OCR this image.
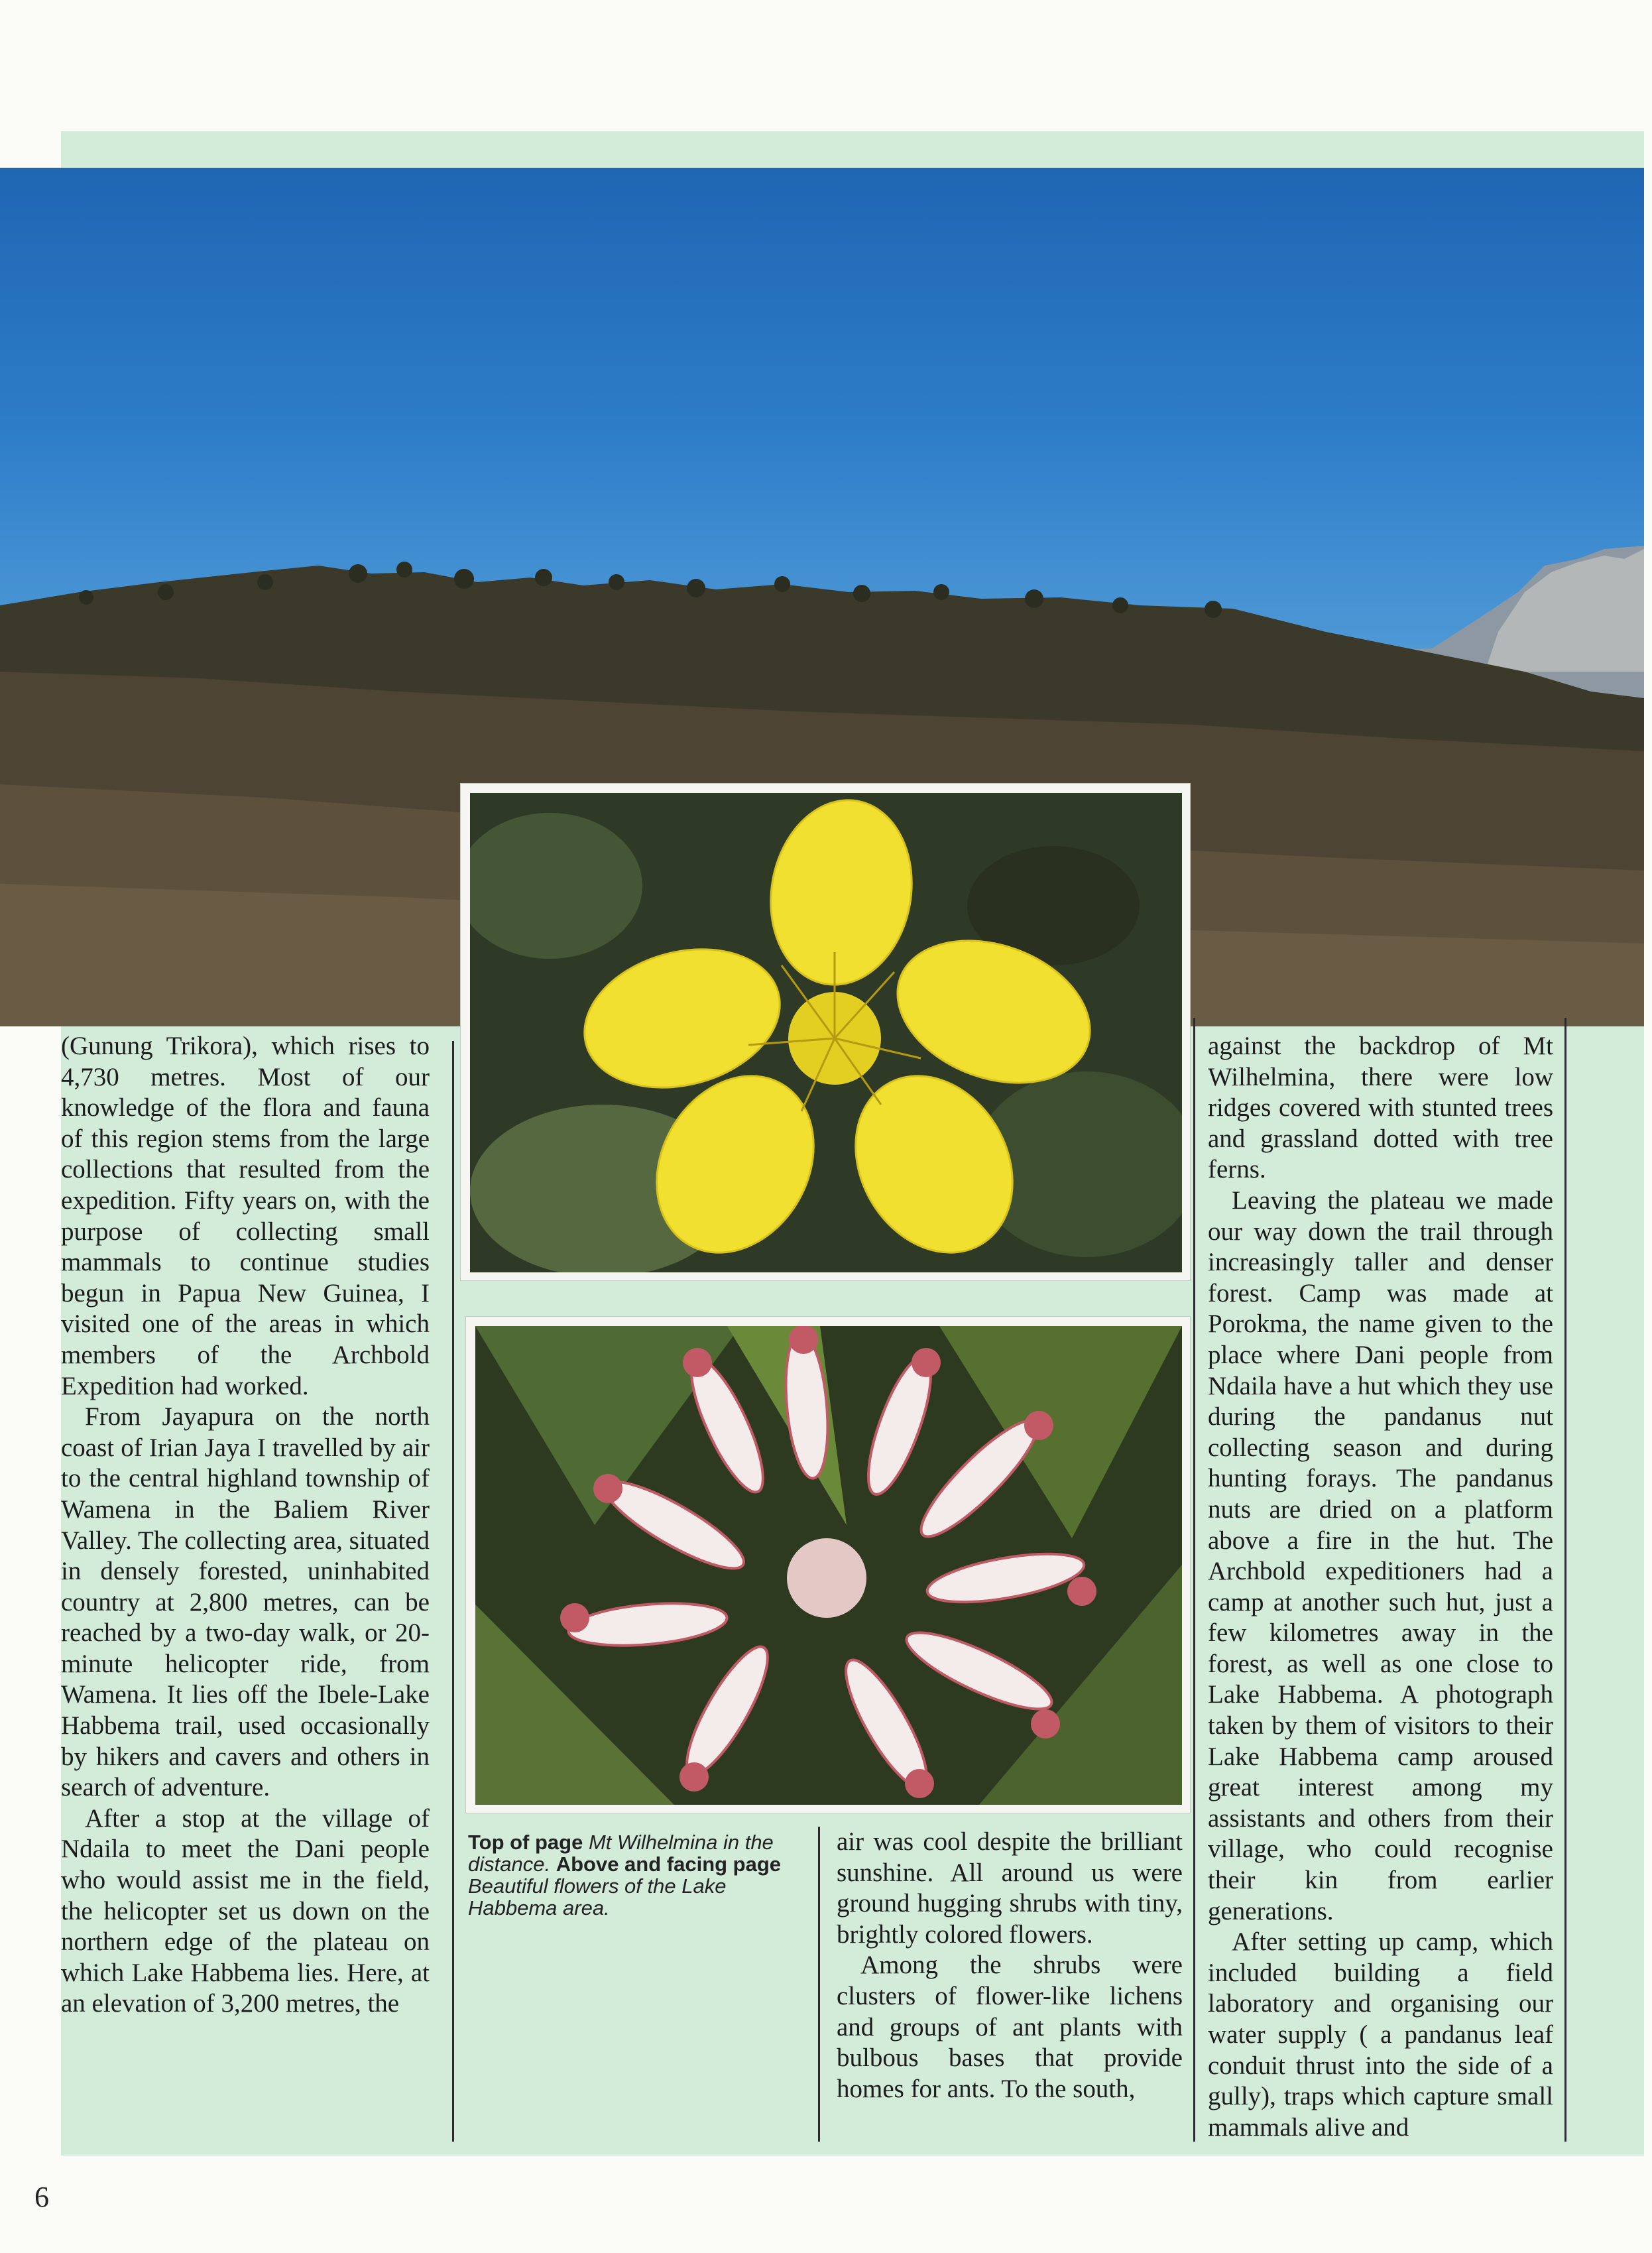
(Gunung Trikora), which rises to 4,730 metres. Most of our knowledge of the flora and fauna of this region stems from the large collections that resulted from the expedition. Fifty years on, with the purpose of collecting small mammals to continue studies begun in Papua New Guinea, I visited one of the areas in which members of the Archbold Expedition had worked.

From Jayapura on the north coast of Irian Jaya I travelled by air to the central highland township of Wamena in the Baliem River Valley. The collecting area, situated in densely forested, uninhabited country at 2,800 metres, can be reached by a two-day walk, or 20-minute helicopter ride, from Wamena. It lies off the Ibele-Lake Habbema trail, used occasionally by hikers and cavers and others in search of adventure.

After a stop at the village of Ndaila to meet the Dani people who would assist me in the field, the helicopter set us down on the northern edge of the plateau on which Lake Habbema lies. Here, at an elevation of 3,200 metres, the

Top of page Mt Wilhelmina in the distance. Above and facing page Beautiful flowers of the Lake Habbema area.

air was cool despite the brilliant sunshine. All around us were ground hugging shrubs with tiny, brightly colored flowers.

Among the shrubs were clusters of flower-like lichens and groups of ant plants with bulbous bases that provide homes for ants. To the south,

against the backdrop of Mt Wilhelmina, there were low ridges covered with stunted trees and grassland dotted with tree ferns.

Leaving the plateau we made our way down the trail through increasingly taller and denser forest. Camp was made at Porokma, the name given to the place where Dani people from Ndaila have a hut which they use during the pandanus nut collecting season and during hunting forays. The pandanus nuts are dried on a platform above a fire in the hut. The Archbold expeditioners had a camp at another such hut, just a few kilometres away in the forest, as well as one close to Lake Habbema. A photograph taken by them of visitors to their Lake Habbema camp aroused great interest among my assistants and others from their village, who could recognise their kin from earlier generations.

After setting up camp, which included building a field laboratory and organising our water supply ( a pandanus leaf conduit thrust into the side of a gully), traps which capture small mammals alive and

6
